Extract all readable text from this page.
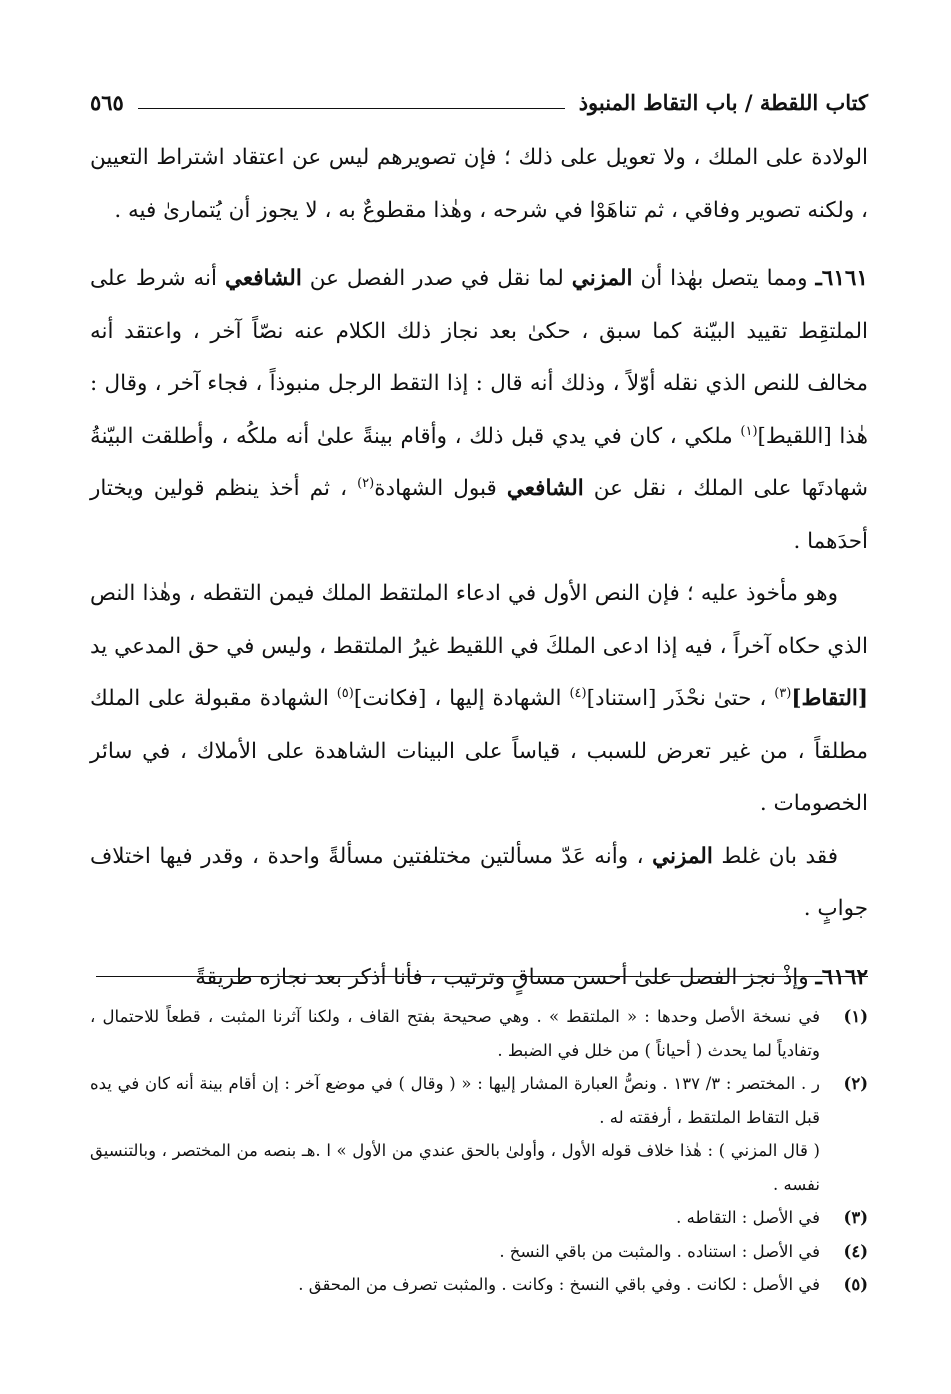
كتاب اللقطة / باب التقاط المنبوذ
٥٦٥

الولادة على الملك ، ولا تعويل على ذلك ؛ فإن تصويرهم ليس عن اعتقاد اشتراط التعيين ، ولكنه تصوير وفاقي ، ثم تناهَوْا في شرحه ، وهٰذا مقطوعٌ به ، لا يجوز أن يُتمارىٰ فيه .

٦١٦١ـ ومما يتصل بهٰذا أن المزني لما نقل في صدر الفصل عن الشافعي أنه شرط على الملتقِط تقييد البيّنة كما سبق ، حكىٰ بعد نجاز ذلك الكلام عنه نصّاً آخر ، واعتقد أنه مخالف للنص الذي نقله أوّلاً ، وذلك أنه قال : إذا التقط الرجل منبوذاً ، فجاء آخر ، وقال : هٰذا [اللقيط]$^{(١)}$ ملكي ، كان في يدي قبل ذلك ، وأقام بينةً علىٰ أنه ملكُه ، وأطلقت البيّنةُ شهادتَها على الملك ، نقل عن الشافعي قبول الشهادة$^{(٢)}$ ، ثم أخذ ينظم قولين ويختار أحدَهما .

وهو مأخوذ عليه ؛ فإن النص الأول في ادعاء الملتقط الملك فيمن التقطه ، وهٰذا النص الذي حكاه آخراً ، فيه إذا ادعى الملكَ في اللقيط غيرُ الملتقط ، وليس في حق المدعي يد [التقاط]$^{(٣)}$ ، حتىٰ نحْذَر [استناد]$^{(٤)}$ الشهادة إليها ، [فكانت]$^{(٥)}$ الشهادة مقبولة على الملك مطلقاً ، من غير تعرض للسبب ، قياساً على البينات الشاهدة على الأملاك ، في سائر الخصومات .

فقد بان غلط المزني ، وأنه عَدّ مسألتين مختلفتين مسألةً واحدة ، وقدر فيها اختلاف جوابٍ .

٦١٦٢ـ وإذْ نجز الفصل علىٰ أحسن مساقٍ وترتيب ، فأنا أذكر بعد نجازه طريقةً

(١)
في نسخة الأصل وحدها : « الملتقط » . وهي صحيحة بفتح القاف ، ولكنا آثرنا المثبت ، قطعاً للاحتمال ، وتفادياً لما يحدث ( أحياناً ) من خلل في الضبط .
(٢)
ر . المختصر : ٣/ ١٣٧ . ونصُّ العبارة المشار إليها : « ( وقال ) في موضع آخر : إن أقام بينة أنه كان في يده قبل التقاط الملتقط ، أرفقته له .
( قال المزني ) : هٰذا خلاف قوله الأول ، وأولىٰ بالحق عندي من الأول » ا .هـ بنصه من المختصر ، وبالتنسيق نفسه .
(٣)
في الأصل : التقاطه .
(٤)
في الأصل : استناده . والمثبت من باقي النسخ .
(٥)
في الأصل : لكانت . وفي باقي النسخ : وكانت . والمثبت تصرف من المحقق .
